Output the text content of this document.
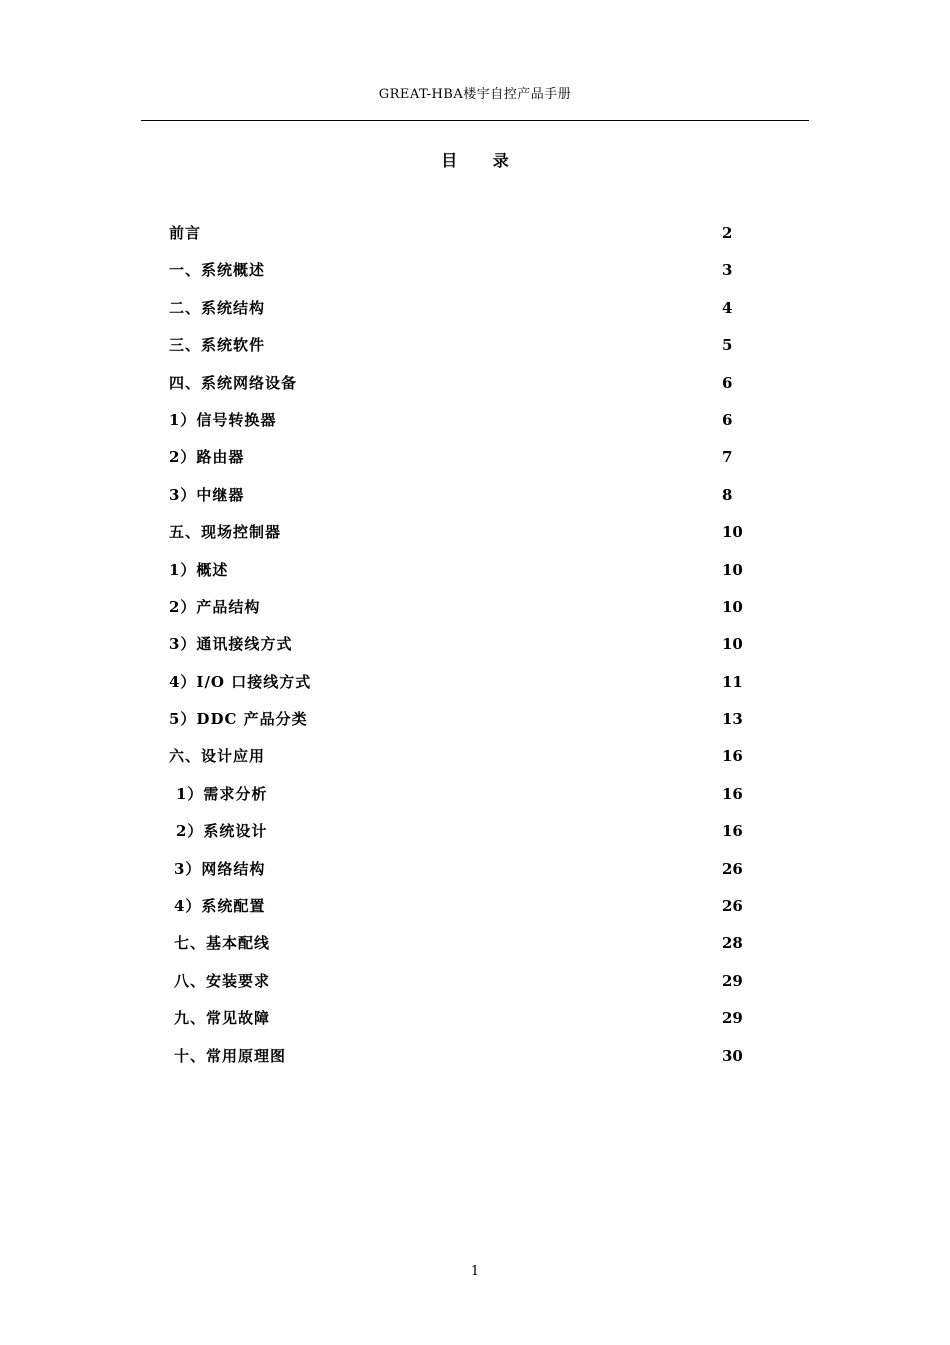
GREAT-HBA楼宇自控产品手册
目 录
前言	2
一、系统概述	3
二、系统结构	4
三、系统软件	5
四、系统网络设备	6
1）信号转换器	6
2）路由器	7
3）中继器	8
五、现场控制器	10
1）概述	10
2）产品结构	10
3）通讯接线方式	10
4）I/O 口接线方式	11
5）DDC 产品分类	13
六、设计应用	16
1）需求分析	16
2）系统设计	16
3）网络结构	26
4）系统配置	26
七、基本配线	28
八、安装要求	29
九、常见故障	29
十、常用原理图	30
1
